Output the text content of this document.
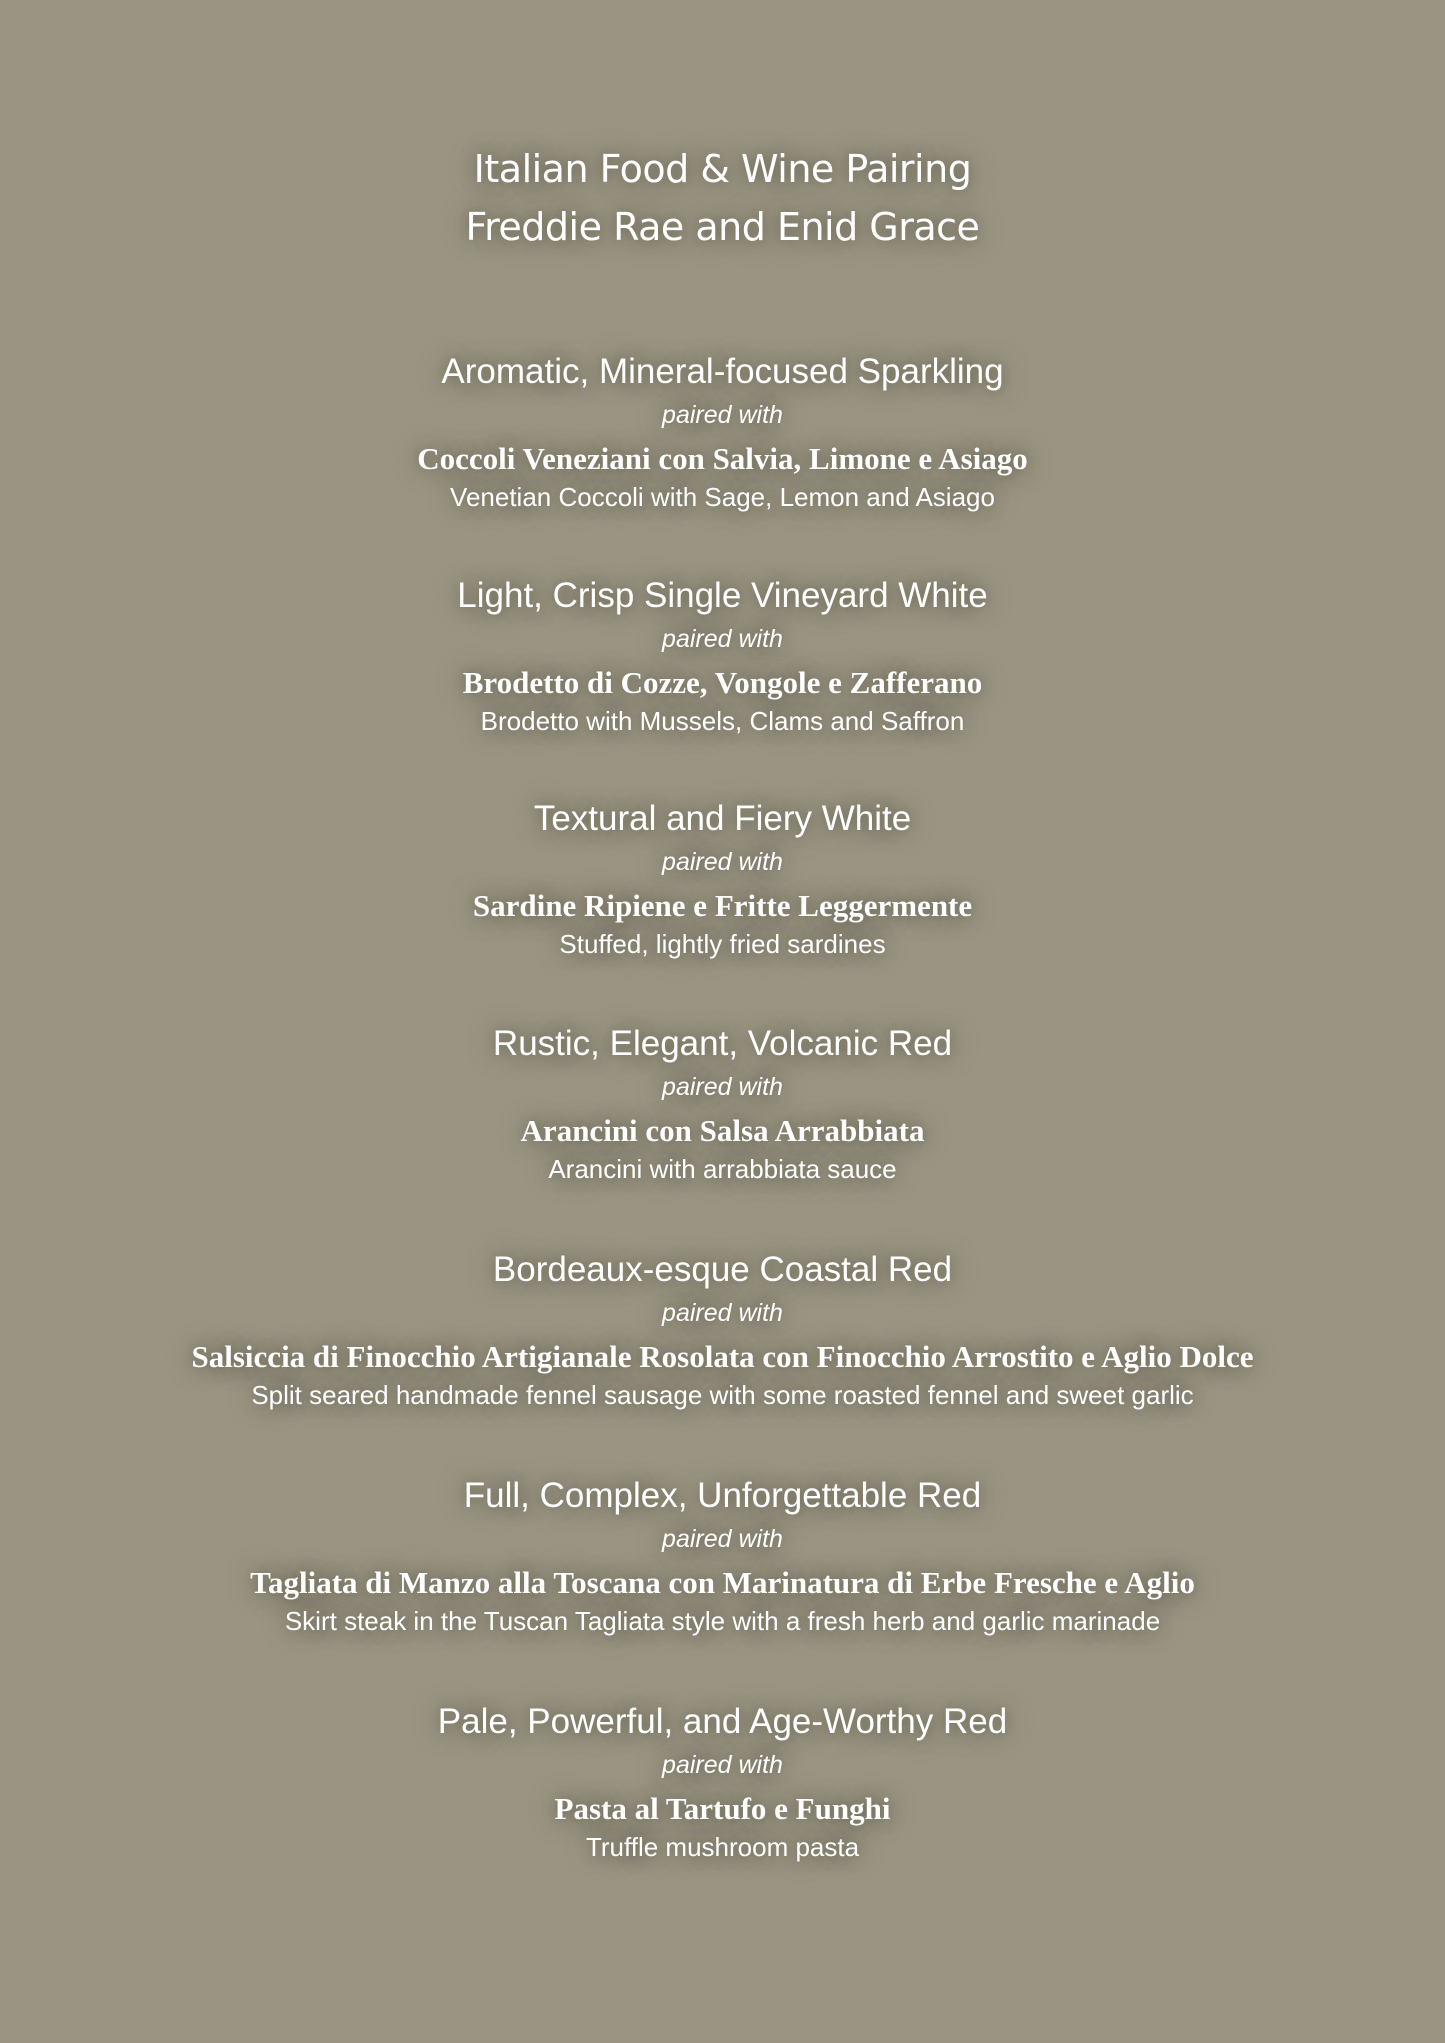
Italian Food & Wine Pairing
Freddie Rae and Enid Grace
Aromatic, Mineral-focused Sparkling
paired with
Coccoli Veneziani con Salvia, Limone e Asiago
Venetian Coccoli with Sage, Lemon and Asiago
Light, Crisp Single Vineyard White
paired with
Brodetto di Cozze, Vongole e Zafferano
Brodetto with Mussels, Clams and Saffron
Textural and Fiery White
paired with
Sardine Ripiene e Fritte Leggermente
Stuffed, lightly fried sardines
Rustic, Elegant, Volcanic Red
paired with
Arancini con Salsa Arrabbiata
Arancini with arrabbiata sauce
Bordeaux-esque Coastal Red
paired with
Salsiccia di Finocchio Artigianale Rosolata con Finocchio Arrostito e Aglio Dolce
Split seared handmade fennel sausage with some roasted fennel and sweet garlic
Full, Complex, Unforgettable Red
paired with
Tagliata di Manzo alla Toscana con Marinatura di Erbe Fresche e Aglio
Skirt steak in the Tuscan Tagliata style with a fresh herb and garlic marinade
Pale, Powerful, and Age-Worthy Red
paired with
Pasta al Tartufo e Funghi
Truffle mushroom pasta
